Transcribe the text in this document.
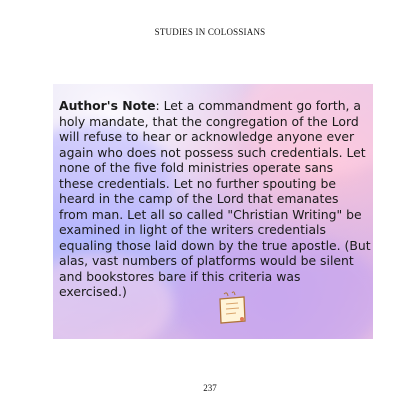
STUDIES IN COLOSSIANS

Author's Note: Let a commandment go forth, a holy mandate, that the congregation of the Lord will refuse to hear or acknowledge anyone ever again who does not possess such credentials. Let none of the five fold ministries operate sans these credentials. Let no further spouting be heard in the camp of the Lord that emanates from man. Let all so called "Christian Writing" be examined in light of the writers credentials equaling those laid down by the true apostle. (But alas, vast numbers of platforms would be silent and bookstores bare if this criteria was exercised.)

237
